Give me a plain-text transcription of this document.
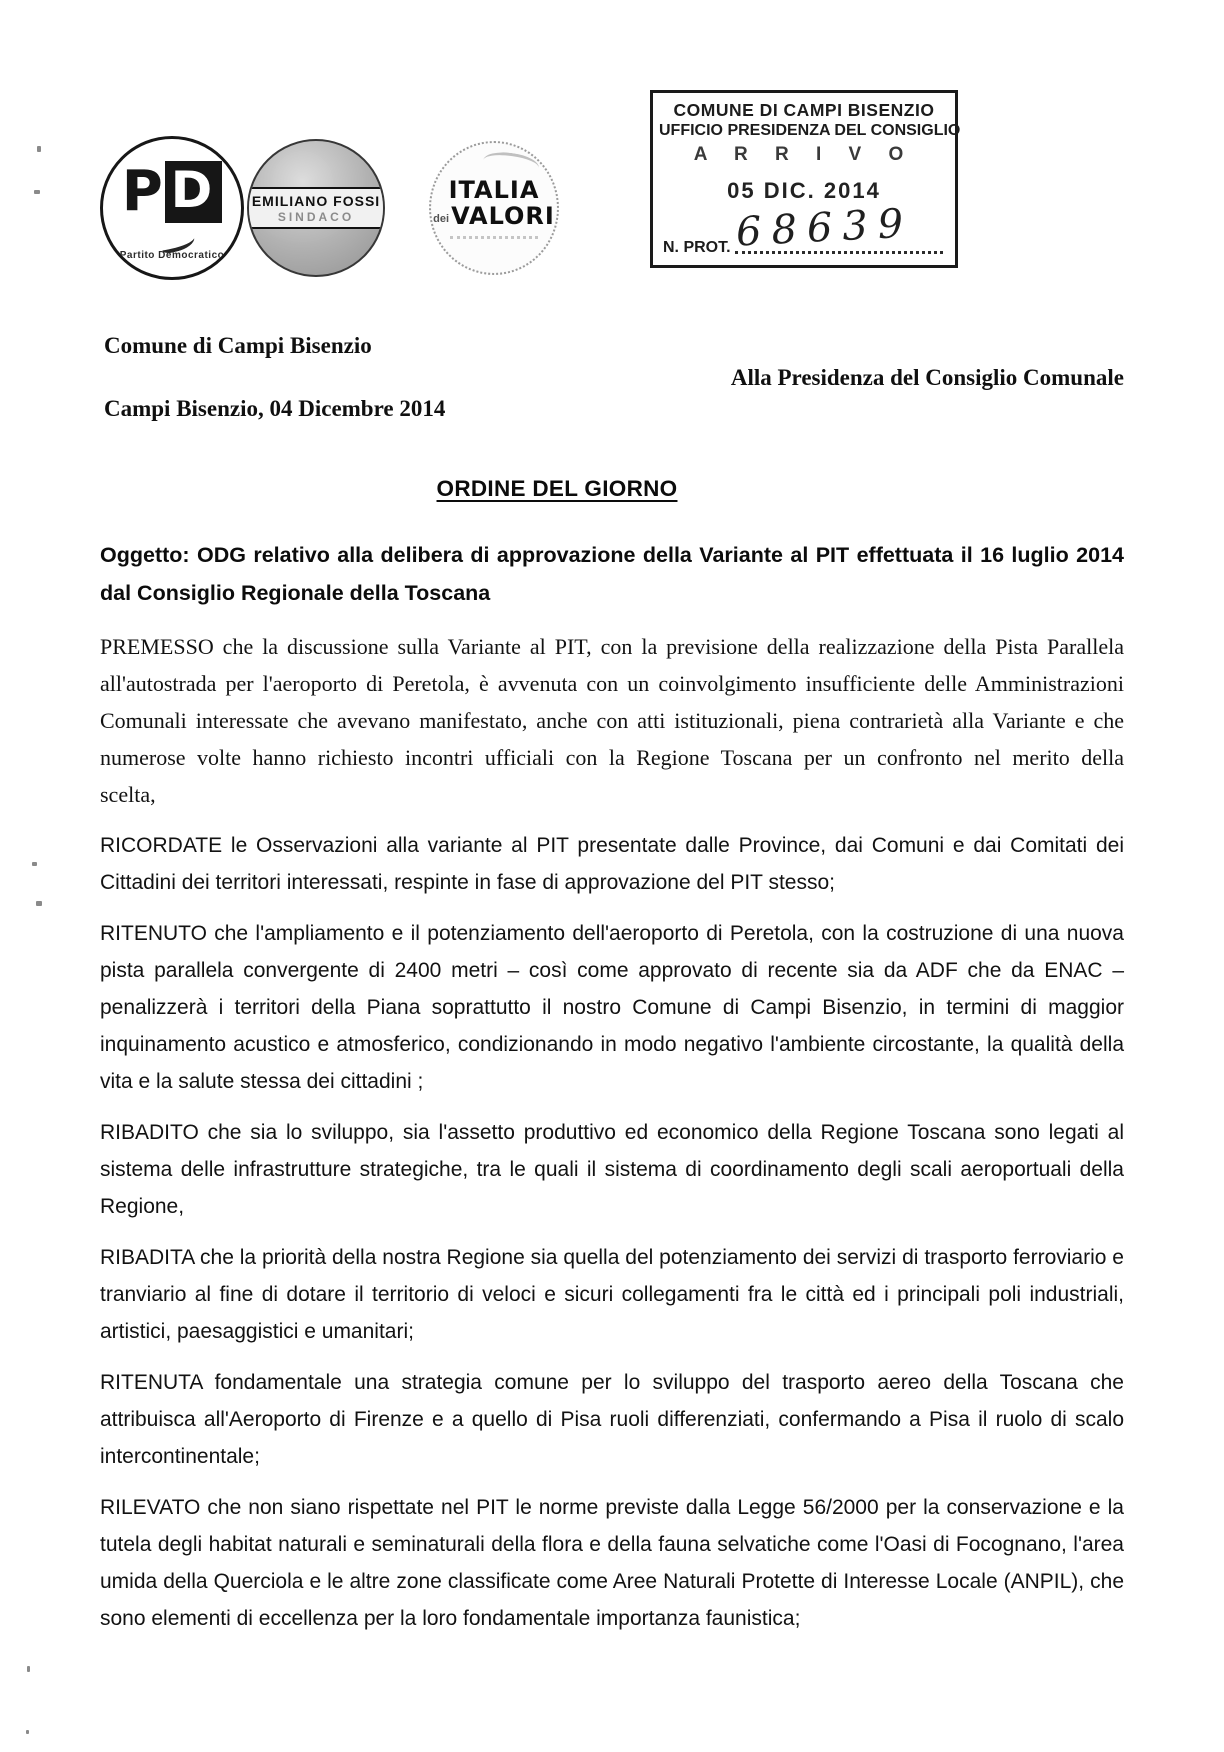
P D
Partito Democratico
EMILIANO FOSSI
SINDACO
ITALIA
dei VALORI
COMUNE DI CAMPI BISENZIO
UFFICIO PRESIDENZA DEL CONSIGLIO
A R R I V O
05 DIC. 2014
68639
N. PROT.
Comune di Campi Bisenzio
Alla Presidenza del Consiglio Comunale
Campi Bisenzio, 04 Dicembre 2014
ORDINE DEL GIORNO
Oggetto: ODG relativo alla delibera di approvazione della Variante al PIT effettuata il 16 luglio 2014 dal Consiglio Regionale della Toscana
PREMESSO che la discussione sulla Variante al PIT, con la previsione della realizzazione della Pista Parallela all'autostrada per l'aeroporto di Peretola, è avvenuta con un coinvolgimento insufficiente delle Amministrazioni Comunali interessate che avevano manifestato, anche con atti istituzionali, piena contrarietà alla Variante e che numerose volte hanno richiesto incontri ufficiali con la Regione Toscana per un confronto nel merito della scelta,
RICORDATE le Osservazioni alla variante al PIT presentate dalle Province, dai Comuni e dai Comitati dei Cittadini dei territori interessati, respinte in fase di approvazione del PIT stesso;
RITENUTO che l'ampliamento e il potenziamento dell'aeroporto di Peretola, con la costruzione di una nuova pista parallela convergente di 2400 metri – così come approvato di recente sia da ADF che da ENAC – penalizzerà i territori della Piana soprattutto il nostro Comune di Campi Bisenzio, in termini di maggior inquinamento acustico e atmosferico, condizionando in modo negativo l'ambiente circostante, la qualità della vita e la salute stessa dei cittadini ;
RIBADITO che sia lo sviluppo, sia l'assetto produttivo ed economico della Regione Toscana sono legati al sistema delle infrastrutture strategiche, tra le quali il sistema di coordinamento degli scali aeroportuali della Regione,
RIBADITA che la priorità della nostra Regione sia quella del potenziamento dei servizi di trasporto ferroviario e tranviario al fine di dotare il territorio di veloci e sicuri collegamenti fra le città ed i principali poli industriali, artistici, paesaggistici e umanitari;
RITENUTA fondamentale una strategia comune per lo sviluppo del trasporto aereo della Toscana che attribuisca all'Aeroporto di Firenze e a quello di Pisa ruoli differenziati, confermando a Pisa il ruolo di scalo intercontinentale;
RILEVATO che non siano rispettate nel PIT le norme previste dalla Legge 56/2000 per la conservazione e la tutela degli habitat naturali e seminaturali della flora e della fauna selvatiche come l'Oasi di Focognano, l'area umida della Querciola e le altre zone classificate come Aree Naturali Protette di Interesse Locale (ANPIL), che sono elementi di eccellenza per la loro fondamentale importanza faunistica;
